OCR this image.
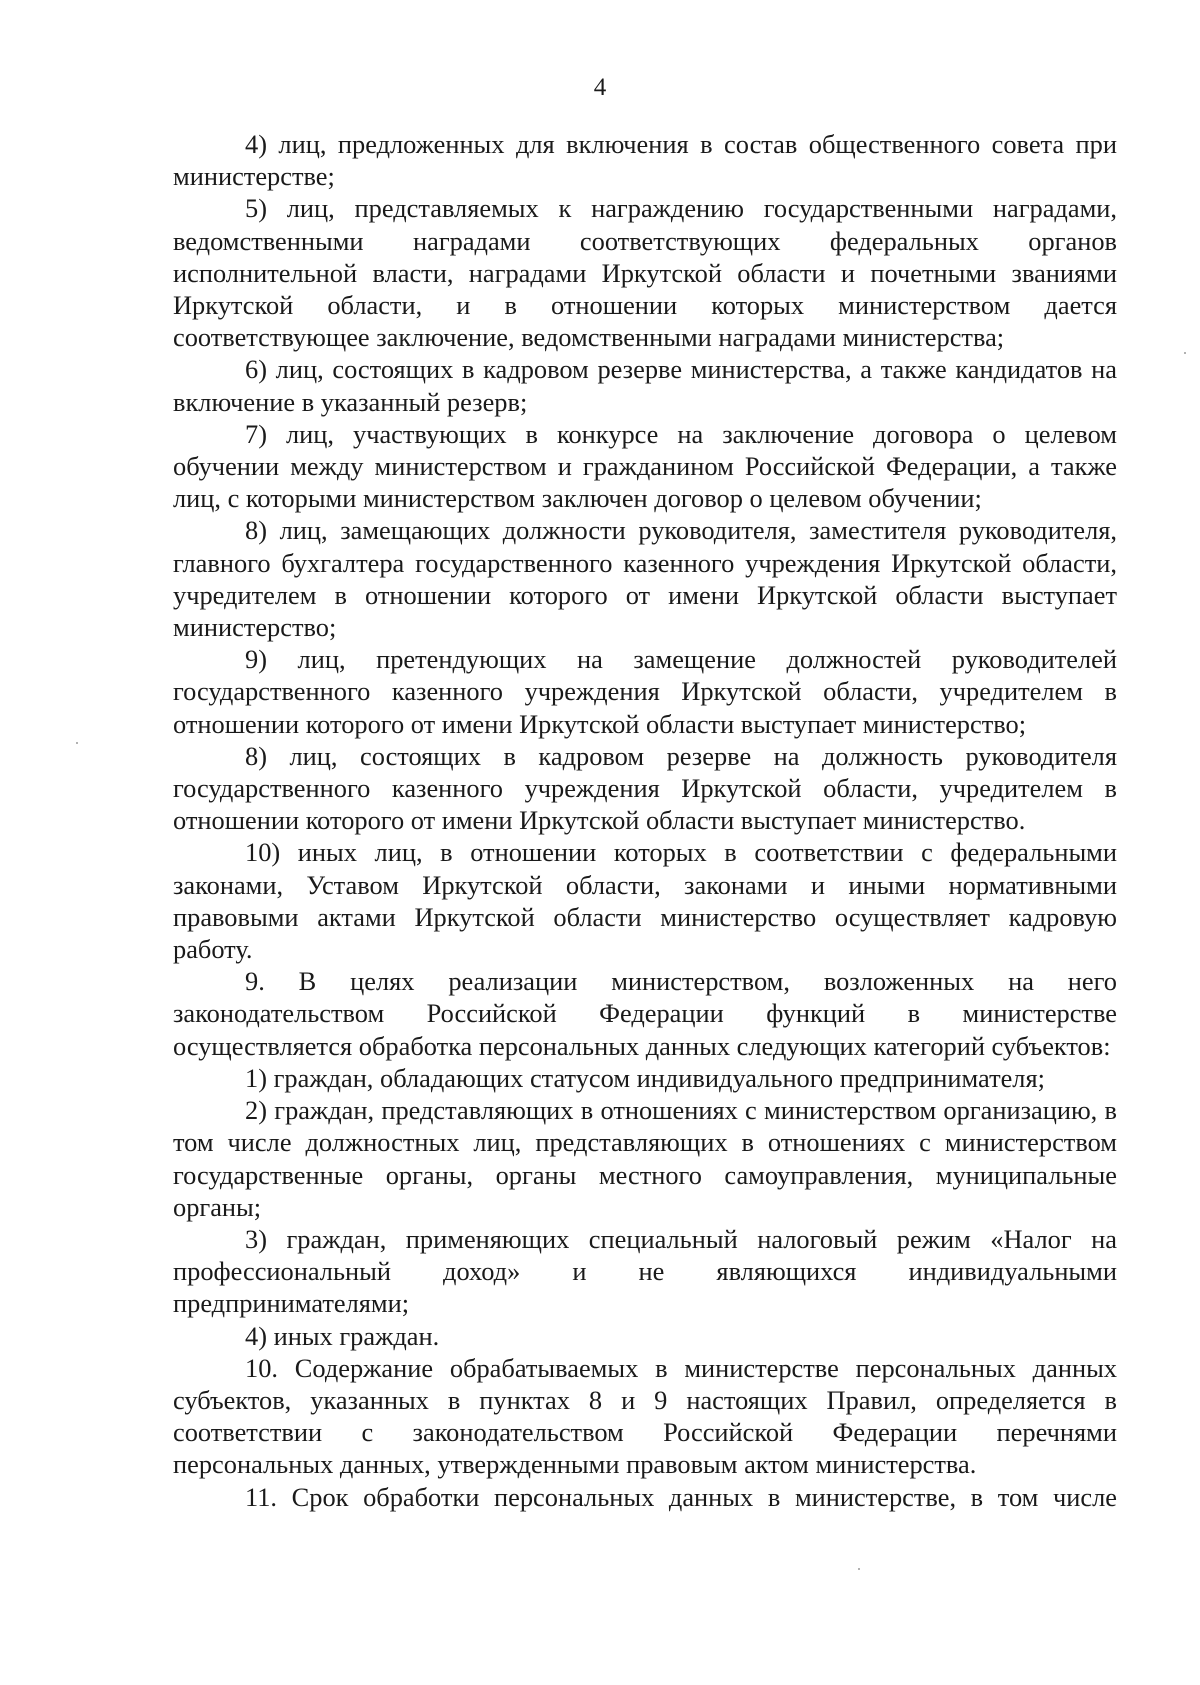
4

4) лиц, предложенных для включения в состав общественного совета при министерстве;

5) лиц, представляемых к награждению государственными наградами, ведомственными наградами соответствующих федеральных органов исполнительной власти, наградами Иркутской области и почетными званиями Иркутской области, и в отношении которых министерством дается соответствующее заключение, ведомственными наградами министерства;

6) лиц, состоящих в кадровом резерве министерства, а также кандидатов на включение в указанный резерв;

7) лиц, участвующих в конкурсе на заключение договора о целевом обучении между министерством и гражданином Российской Федерации, а также лиц, с которыми министерством заключен договор о целевом обучении;

8) лиц, замещающих должности руководителя, заместителя руководителя, главного бухгалтера государственного казенного учреждения Иркутской области, учредителем в отношении которого от имени Иркутской области выступает министерство;

9) лиц, претендующих на замещение должностей руководителей государственного казенного учреждения Иркутской области, учредителем в отношении которого от имени Иркутской области выступает министерство;

8) лиц, состоящих в кадровом резерве на должность руководителя государственного казенного учреждения Иркутской области, учредителем в отношении которого от имени Иркутской области выступает министерство.

10) иных лиц, в отношении которых в соответствии с федеральными законами, Уставом Иркутской области, законами и иными нормативными правовыми актами Иркутской области министерство осуществляет кадровую работу.

9. В целях реализации министерством, возложенных на него законодательством Российской Федерации функций в министерстве осуществляется обработка персональных данных следующих категорий субъектов:

1) граждан, обладающих статусом индивидуального предпринимателя;

2) граждан, представляющих в отношениях с министерством организацию, в том числе должностных лиц, представляющих в отношениях с министерством государственные органы, органы местного самоуправления, муниципальные органы;

3) граждан, применяющих специальный налоговый режим «Налог на профессиональный доход» и не являющихся индивидуальными предпринимателями;

4) иных граждан.

10. Содержание обрабатываемых в министерстве персональных данных субъектов, указанных в пунктах 8 и 9 настоящих Правил, определяется в соответствии с законодательством Российской Федерации перечнями персональных данных, утвержденными правовым актом министерства.

11. Срок обработки персональных данных в министерстве, в том числе
